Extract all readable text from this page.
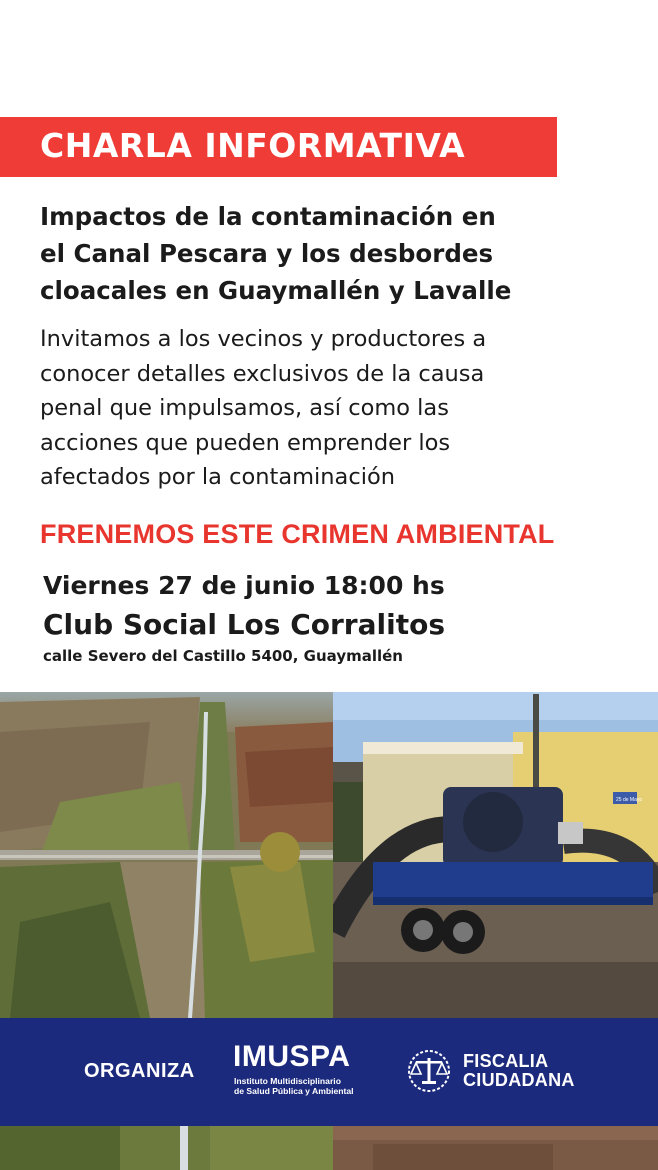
CHARLA INFORMATIVA
Impactos de la contaminación en
el Canal Pescara y los desbordes
cloacales en Guaymallén y Lavalle
Invitamos a los vecinos y productores a
conocer detalles exclusivos de la causa
penal que impulsamos, así como las
acciones que pueden emprender los
afectados por la contaminación
FRENEMOS ESTE CRIMEN AMBIENTAL
Viernes 27 de junio 18:00 hs
Club Social Los Corralitos
calle Severo del Castillo 5400, Guaymallén
25 de Mayo
ORGANIZA IMUSPA
Instituto Multidisciplinario
de Salud Pública y Ambiental
FISCALIA
CIUDADANA
